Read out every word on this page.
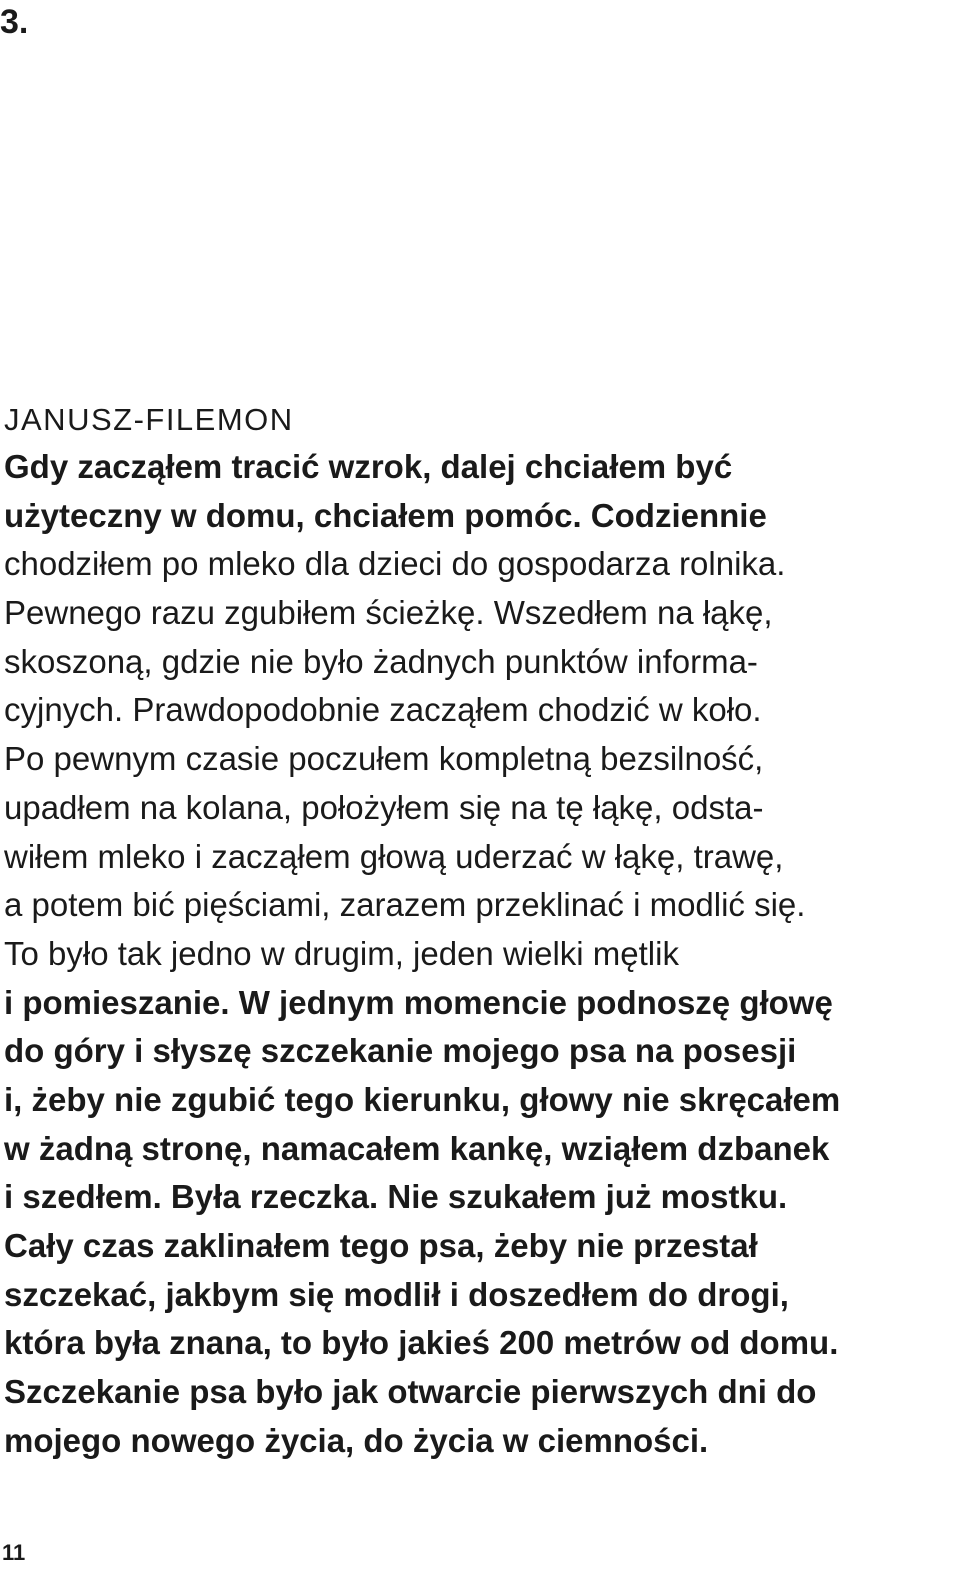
3.
JANUSZ-FILEMON
Gdy zacząłem tracić wzrok, dalej chciałem być
użyteczny w domu, chciałem pomóc. Codziennie
chodziłem po mleko dla dzieci do gospodarza rolnika.
Pewnego razu zgubiłem ścieżkę. Wszedłem na łąkę,
skoszoną, gdzie nie było żadnych punktów informa-
cyjnych. Prawdopodobnie zacząłem chodzić w koło.
Po pewnym czasie poczułem kompletną bezsilność,
upadłem na kolana, położyłem się na tę łąkę, odsta-
wiłem mleko i zacząłem głową uderzać w łąkę, trawę,
a potem bić pięściami, zarazem przeklinać i modlić się.
To było tak jedno w drugim, jeden wielki mętlik
i pomieszanie. W jednym momencie podnoszę głowę
do góry i słyszę szczekanie mojego psa na posesji
i, żeby nie zgubić tego kierunku, głowy nie skręcałem
w żadną stronę, namacałem kankę, wziąłem dzbanek
i szedłem. Była rzeczka. Nie szukałem już mostku.
Cały czas zaklinałem tego psa, żeby nie przestał
szczekać, jakbym się modlił i doszedłem do drogi,
która była znana, to było jakieś 200 metrów od domu.
Szczekanie psa było jak otwarcie pierwszych dni do
mojego nowego życia, do życia w ciemności.
11
